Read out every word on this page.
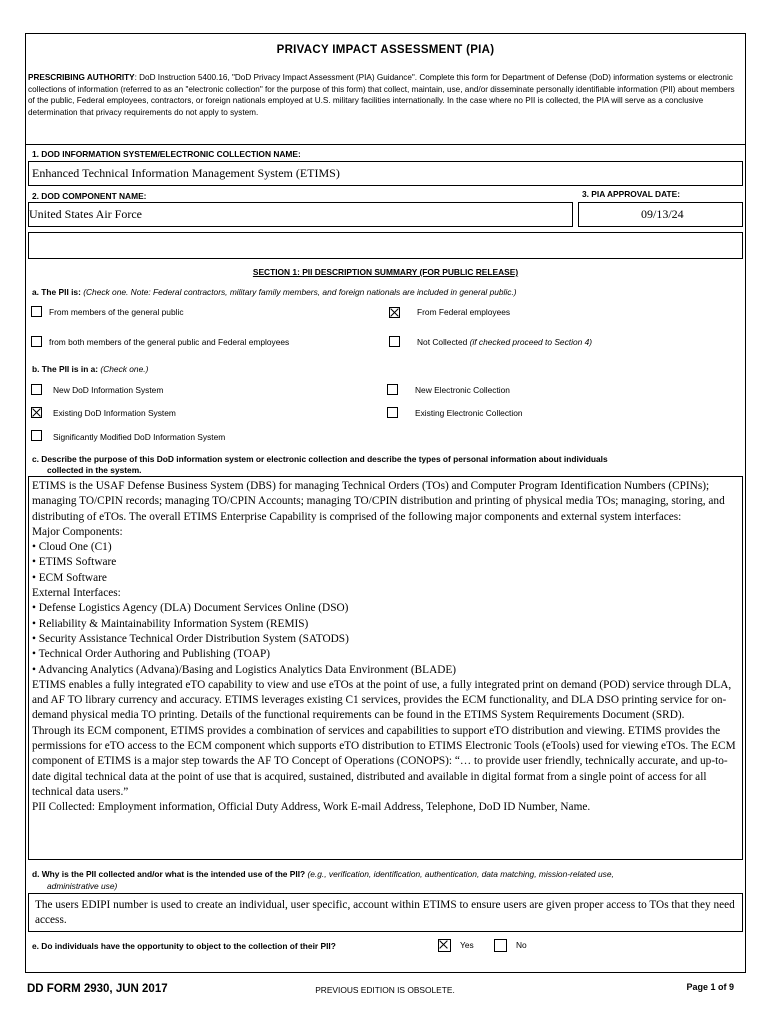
PRIVACY IMPACT ASSESSMENT (PIA)
PRESCRIBING AUTHORITY: DoD Instruction 5400.16, "DoD Privacy Impact Assessment (PIA) Guidance". Complete this form for Department of Defense (DoD) information systems or electronic collections of information (referred to as an "electronic collection" for the purpose of this form) that collect, maintain, use, and/or disseminate personally identifiable information (PII) about members of the public, Federal employees, contractors, or foreign nationals employed at U.S. military facilities internationally. In the case where no PII is collected, the PIA will serve as a conclusive determination that privacy requirements do not apply to system.
1. DOD INFORMATION SYSTEM/ELECTRONIC COLLECTION NAME:
Enhanced Technical Information Management System (ETIMS)
2. DOD COMPONENT NAME:	3. PIA APPROVAL DATE:
United States Air Force	09/13/24
SECTION 1: PII DESCRIPTION SUMMARY (FOR PUBLIC RELEASE)
a. The PII is: (Check one. Note: Federal contractors, military family members, and foreign nationals are included in general public.)
From members of the general public	From Federal employees
from both members of the general public and Federal employees	Not Collected (if checked proceed to Section 4)
b. The PII is in a: (Check one.)
New DoD Information System	New Electronic Collection
Existing DoD Information System	Existing Electronic Collection
Significantly Modified DoD Information System
c. Describe the purpose of this DoD information system or electronic collection and describe the types of personal information about individuals
collected in the system.

ETIMS is the USAF Defense Business System (DBS) for managing Technical Orders (TOs) and Computer Program Identification Numbers (CPINs); managing TO/CPIN records; managing TO/CPIN Accounts; managing TO/CPIN distribution and printing of physical media TOs; managing, storing, and distributing of eTOs. The overall ETIMS Enterprise Capability is comprised of the following major components and external system interfaces:

Major Components:

• Cloud One (C1)

• ETIMS Software

• ECM Software

External Interfaces:

• Defense Logistics Agency (DLA) Document Services Online (DSO)

• Reliability & Maintainability Information System (REMIS)

• Security Assistance Technical Order Distribution System (SATODS)

• Technical Order Authoring and Publishing (TOAP)

• Advancing Analytics (Advana)/Basing and Logistics Analytics Data Environment (BLADE)

ETIMS enables a fully integrated eTO capability to view and use eTOs at the point of use, a fully integrated print on demand (POD) service through DLA, and AF TO library currency and accuracy. ETIMS leverages existing C1 services, provides the ECM functionality, and DLA DSO printing service for on-demand physical media TO printing. Details of the functional requirements can be found in the ETIMS System Requirements Document (SRD).

Through its ECM component, ETIMS provides a combination of services and capabilities to support eTO distribution and viewing. ETIMS provides the permissions for eTO access to the ECM component which supports eTO distribution to ETIMS Electronic Tools (eTools) used for viewing eTOs. The ECM component of ETIMS is a major step towards the AF TO Concept of Operations (CONOPS): “… to provide user friendly, technically accurate, and up-to-date digital technical data at the point of use that is acquired, sustained, distributed and available in digital format from a single point of access for all technical data users.”

PII Collected: Employment information, Official Duty Address, Work E-mail Address, Telephone, DoD ID Number, Name.

d. Why is the PII collected and/or what is the intended use of the PII? (e.g., verification, identification, authentication, data matching, mission-related use,
administrative use)
The users EDIPI number is used to create an individual, user specific, account within ETIMS to ensure users are given proper access to TOs that they need access.
e. Do individuals have the opportunity to object to the collection of their PII?	Yes	No
DD FORM 2930, JUN 2017	PREVIOUS EDITION IS OBSOLETE.	Page 1 of 9
